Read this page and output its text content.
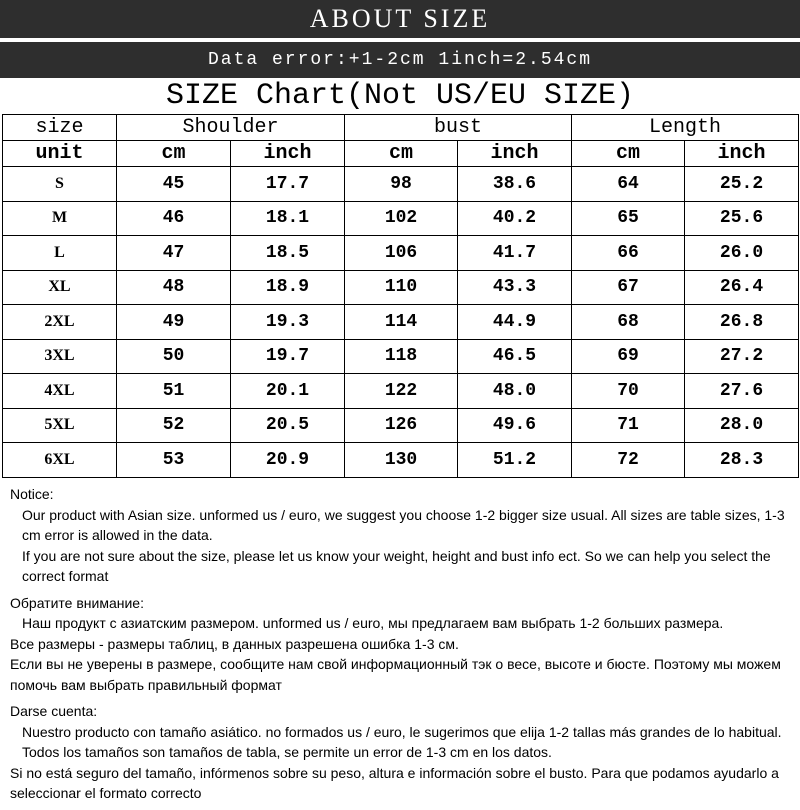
ABOUT SIZE
Data error:+1-2cm 1inch=2.54cm
SIZE Chart(Not US/EU SIZE)
size	Shoulder		bust		Length	
unit	cm	inch	cm	inch	cm	inch
S	45	17.7	98	38.6	64	25.2
M	46	18.1	102	40.2	65	25.6
L	47	18.5	106	41.7	66	26.0
XL	48	18.9	110	43.3	67	26.4
2XL	49	19.3	114	44.9	68	26.8
3XL	50	19.7	118	46.5	69	27.2
4XL	51	20.1	122	48.0	70	27.6
5XL	52	20.5	126	49.6	71	28.0
6XL	53	20.9	130	51.2	72	28.3

Notice:

Our product with Asian size. unformed us / euro, we suggest you choose 1-2 bigger size usual. All sizes are table sizes, 1-3 cm error is allowed in the data.

If you are not sure about the size, please let us know your weight, height and bust info ect. So we can help you select the correct format

Обратите внимание:

Наш продукт с азиатским размером. unformed us / euro, мы предлагаем вам выбрать 1-2 больших размера.

Все размеры - размеры таблиц, в данных разрешена ошибка 1-3 см.

Если вы не уверены в размере, сообщите нам свой информационный тэк о весе, высоте и бюсте. Поэтому мы можем помочь вам выбрать правильный формат

Darse cuenta:

Nuestro producto con tamaño asiático. no formados us / euro, le sugerimos que elija 1-2 tallas más grandes de lo habitual. Todos los tamaños son tamaños de tabla, se permite un error de 1-3 cm en los datos.

Si no está seguro del tamaño, infórmenos sobre su peso, altura e información sobre el busto. Para que podamos ayudarlo a seleccionar el formato correcto
